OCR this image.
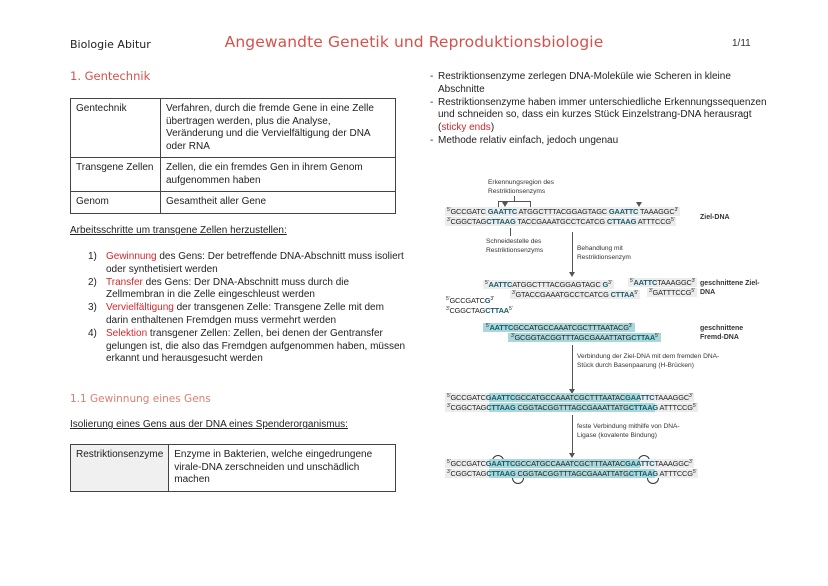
Biologie Abitur	Angewandte Genetik und Reproduktionsbiologie	1/11
1. Gentechnik
Gentechnik	Verfahren, durch die fremde Gene in eine Zelle übertragen werden, plus die Analyse, Veränderung und die Vervielfältigung der DNA oder RNA
Transgene Zellen	Zellen, die ein fremdes Gen in ihrem Genom aufgenommen haben
Genom	Gesamtheit aller Gene
Arbeitsschritte um transgene Zellen herzustellen:
1) Gewinnung des Gens: Der betreffende DNA-Abschnitt muss isoliert oder synthetisiert werden
2) Transfer des Gens: Der DNA-Abschnitt muss durch die Zellmembran in die Zelle eingeschleust werden
3) Vervielfältigung der transgenen Zelle: Transgene Zelle mit dem darin enthaltenen Fremdgen muss vermehrt werden
4) Selektion transgener Zellen: Zellen, bei denen der Gentransfer gelungen ist, die also das Fremdgen aufgenommen haben, müssen erkannt und herausgesucht werden
1.1 Gewinnung eines Gens
Isolierung eines Gens aus der DNA eines Spenderorganismus:
Restriktionsenzyme	Enzyme in Bakterien, welche eingedrungene virale-DNA zerschneiden und unschädlich machen
- Restriktionsenzyme zerlegen DNA-Moleküle wie Scheren in kleine Abschnitte
- Restriktionsenzyme haben immer unterschiedliche Erkennungssequenzen und schneiden so, dass ein kurzes Stück Einzelstrang-DNA herausragt (sticky ends)
- Methode relativ einfach, jedoch ungenau
Erkennungsregion des Restriktionsenzyms
$^{5'}$GCCGATC GAATTC ATGGCTTTACGGAGTAGC GAATTC $TAAAGGC^{3'}$
$^{3'}$CGGCTAGCTTAAG TACCGAAATGCCTCATCG CTTAAG $ATTTCCG^{5'}$	Ziel-DNA
Schneidestelle des Restriktionsenzyms	Behandlung mit Restriktionsenzym
$^{5'}$AATTCATGGCTTTACGGAGTAGC $G^{3'}$
$^{3'}$GTACCGAAATGCCTCATCG $CTTAA^{5'}$
$^{5'}AATTCTAAAGGC^{3'}$
$^{3'}GATTTCCG^{5'}$
$^{5'}GCCGATCG^{3'}$
$^{3'}CGGCTAGCTTAA^{5'}$
geschnittene Ziel-DNA
$^{5'}AATTCGCCATGCCAAATCGCTTTAATACG^{3'}$
$^{3'}GCGGTACGGTTTAGCGAAATTATGCTTAA^{5'}$
geschnittene Fremd-DNA
Verbindung der Ziel-DNA mit dem fremden DNA-Stück durch Basenpaarung (H-Brücken)
$^{5'}GCCGATCGAATTCGCCATGCCAAATCGCTTTAATACGAATTCTAAAGGC^{3'}$
$^{3'}$CGGCTAGCTTAAG CGGTACGGTTTAGCGAAATTATGCTTAAG $ATTTCCG^{5'}$
feste Verbindung mithilfe von DNA-Ligase (kovalente Bindung)
$^{5'}GCCGATCGAATTCGCCATGCCAAATCGCTTTAATACGAATTCTAAAGGC^{3'}$
$^{3'}$CGGCTAGCTTAAG CGGTACGGTTTAGCGAAATTATGCTTAAG $ATTTCCG^{5'}$
